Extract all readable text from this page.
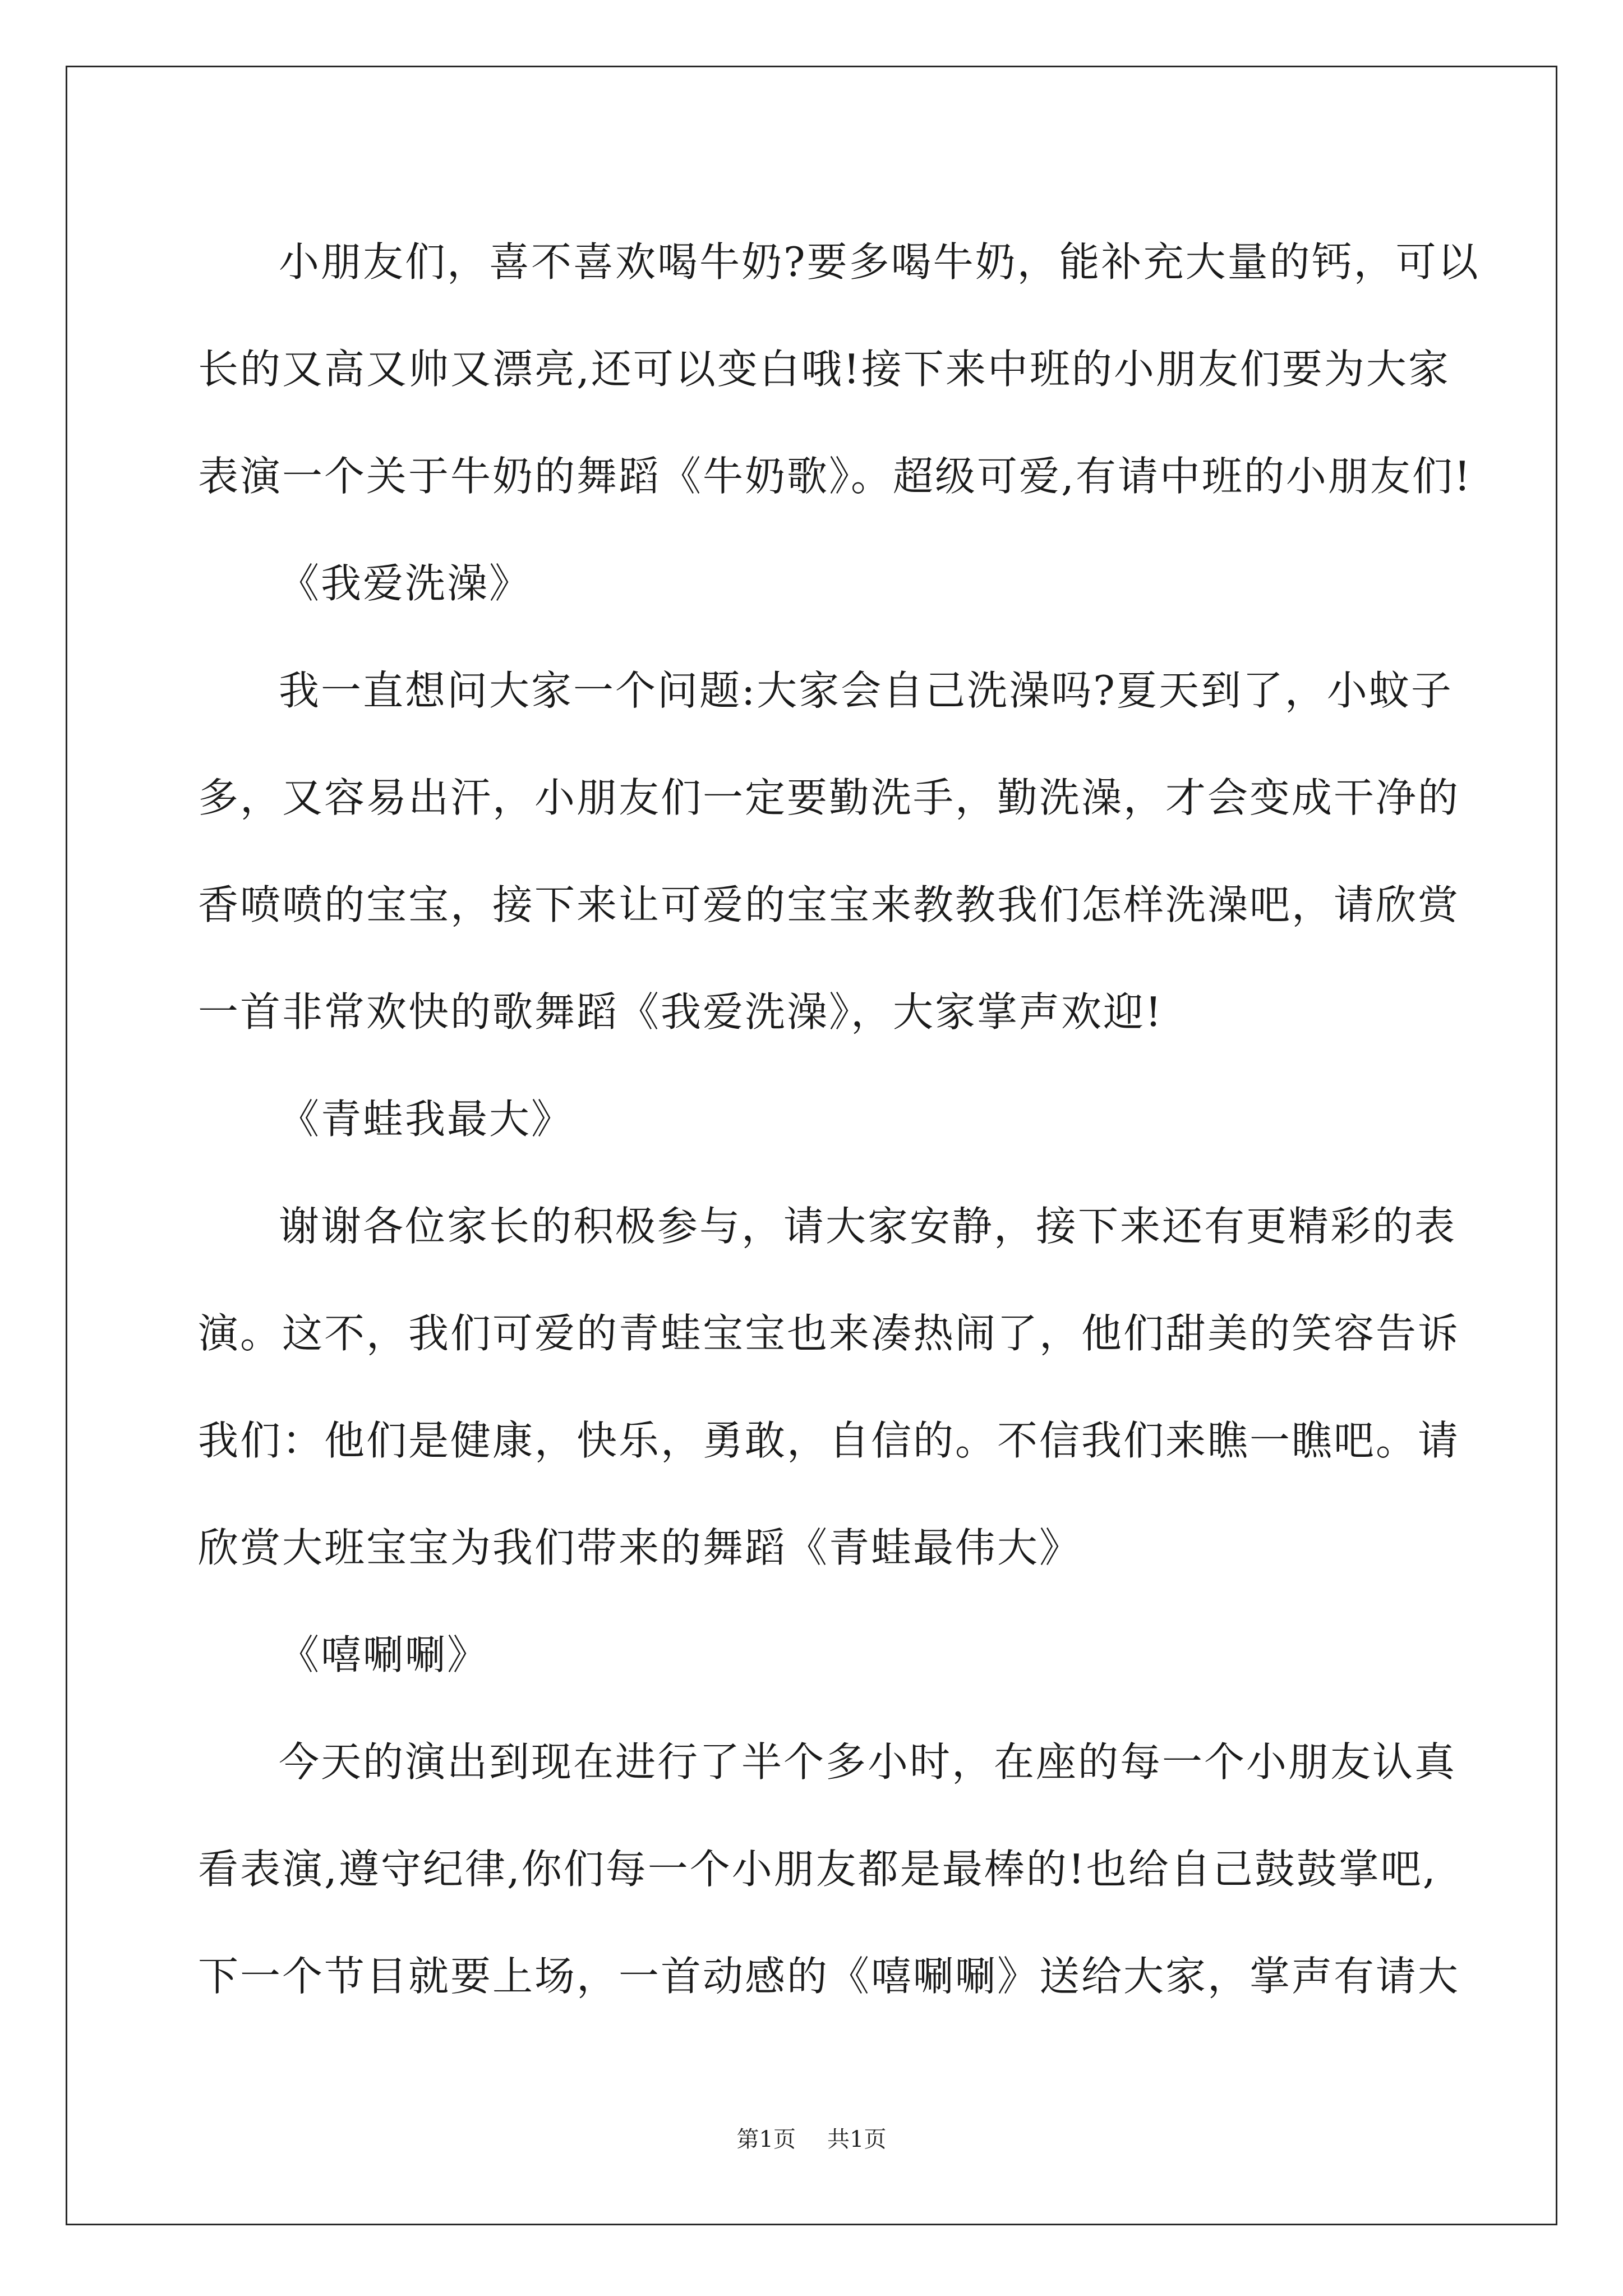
小朋友们，喜不喜欢喝牛奶?要多喝牛奶，能补充大量的钙，可以
长的又高又帅又漂亮,还可以变白哦!接下来中班的小朋友们要为大家
表演一个关于牛奶的舞蹈《牛奶歌》。超级可爱,有请中班的小朋友们!
《我爱洗澡》
我一直想问大家一个问题:大家会自己洗澡吗?夏天到了，小蚊子
多，又容易出汗，小朋友们一定要勤洗手，勤洗澡，才会变成干净的
香喷喷的宝宝，接下来让可爱的宝宝来教教我们怎样洗澡吧，请欣赏
一首非常欢快的歌舞蹈《我爱洗澡》，大家掌声欢迎!
《青蛙我最大》
谢谢各位家长的积极参与，请大家安静，接下来还有更精彩的表
演。这不，我们可爱的青蛙宝宝也来凑热闹了，他们甜美的笑容告诉
我们：他们是健康，快乐，勇敢，自信的。不信我们来瞧一瞧吧。请
欣赏大班宝宝为我们带来的舞蹈《青蛙最伟大》
《嘻唰唰》
今天的演出到现在进行了半个多小时，在座的每一个小朋友认真
看表演,遵守纪律,你们每一个小朋友都是最棒的!也给自己鼓鼓掌吧,
下一个节目就要上场，一首动感的《嘻唰唰》送给大家，掌声有请大
第1页 共1页
